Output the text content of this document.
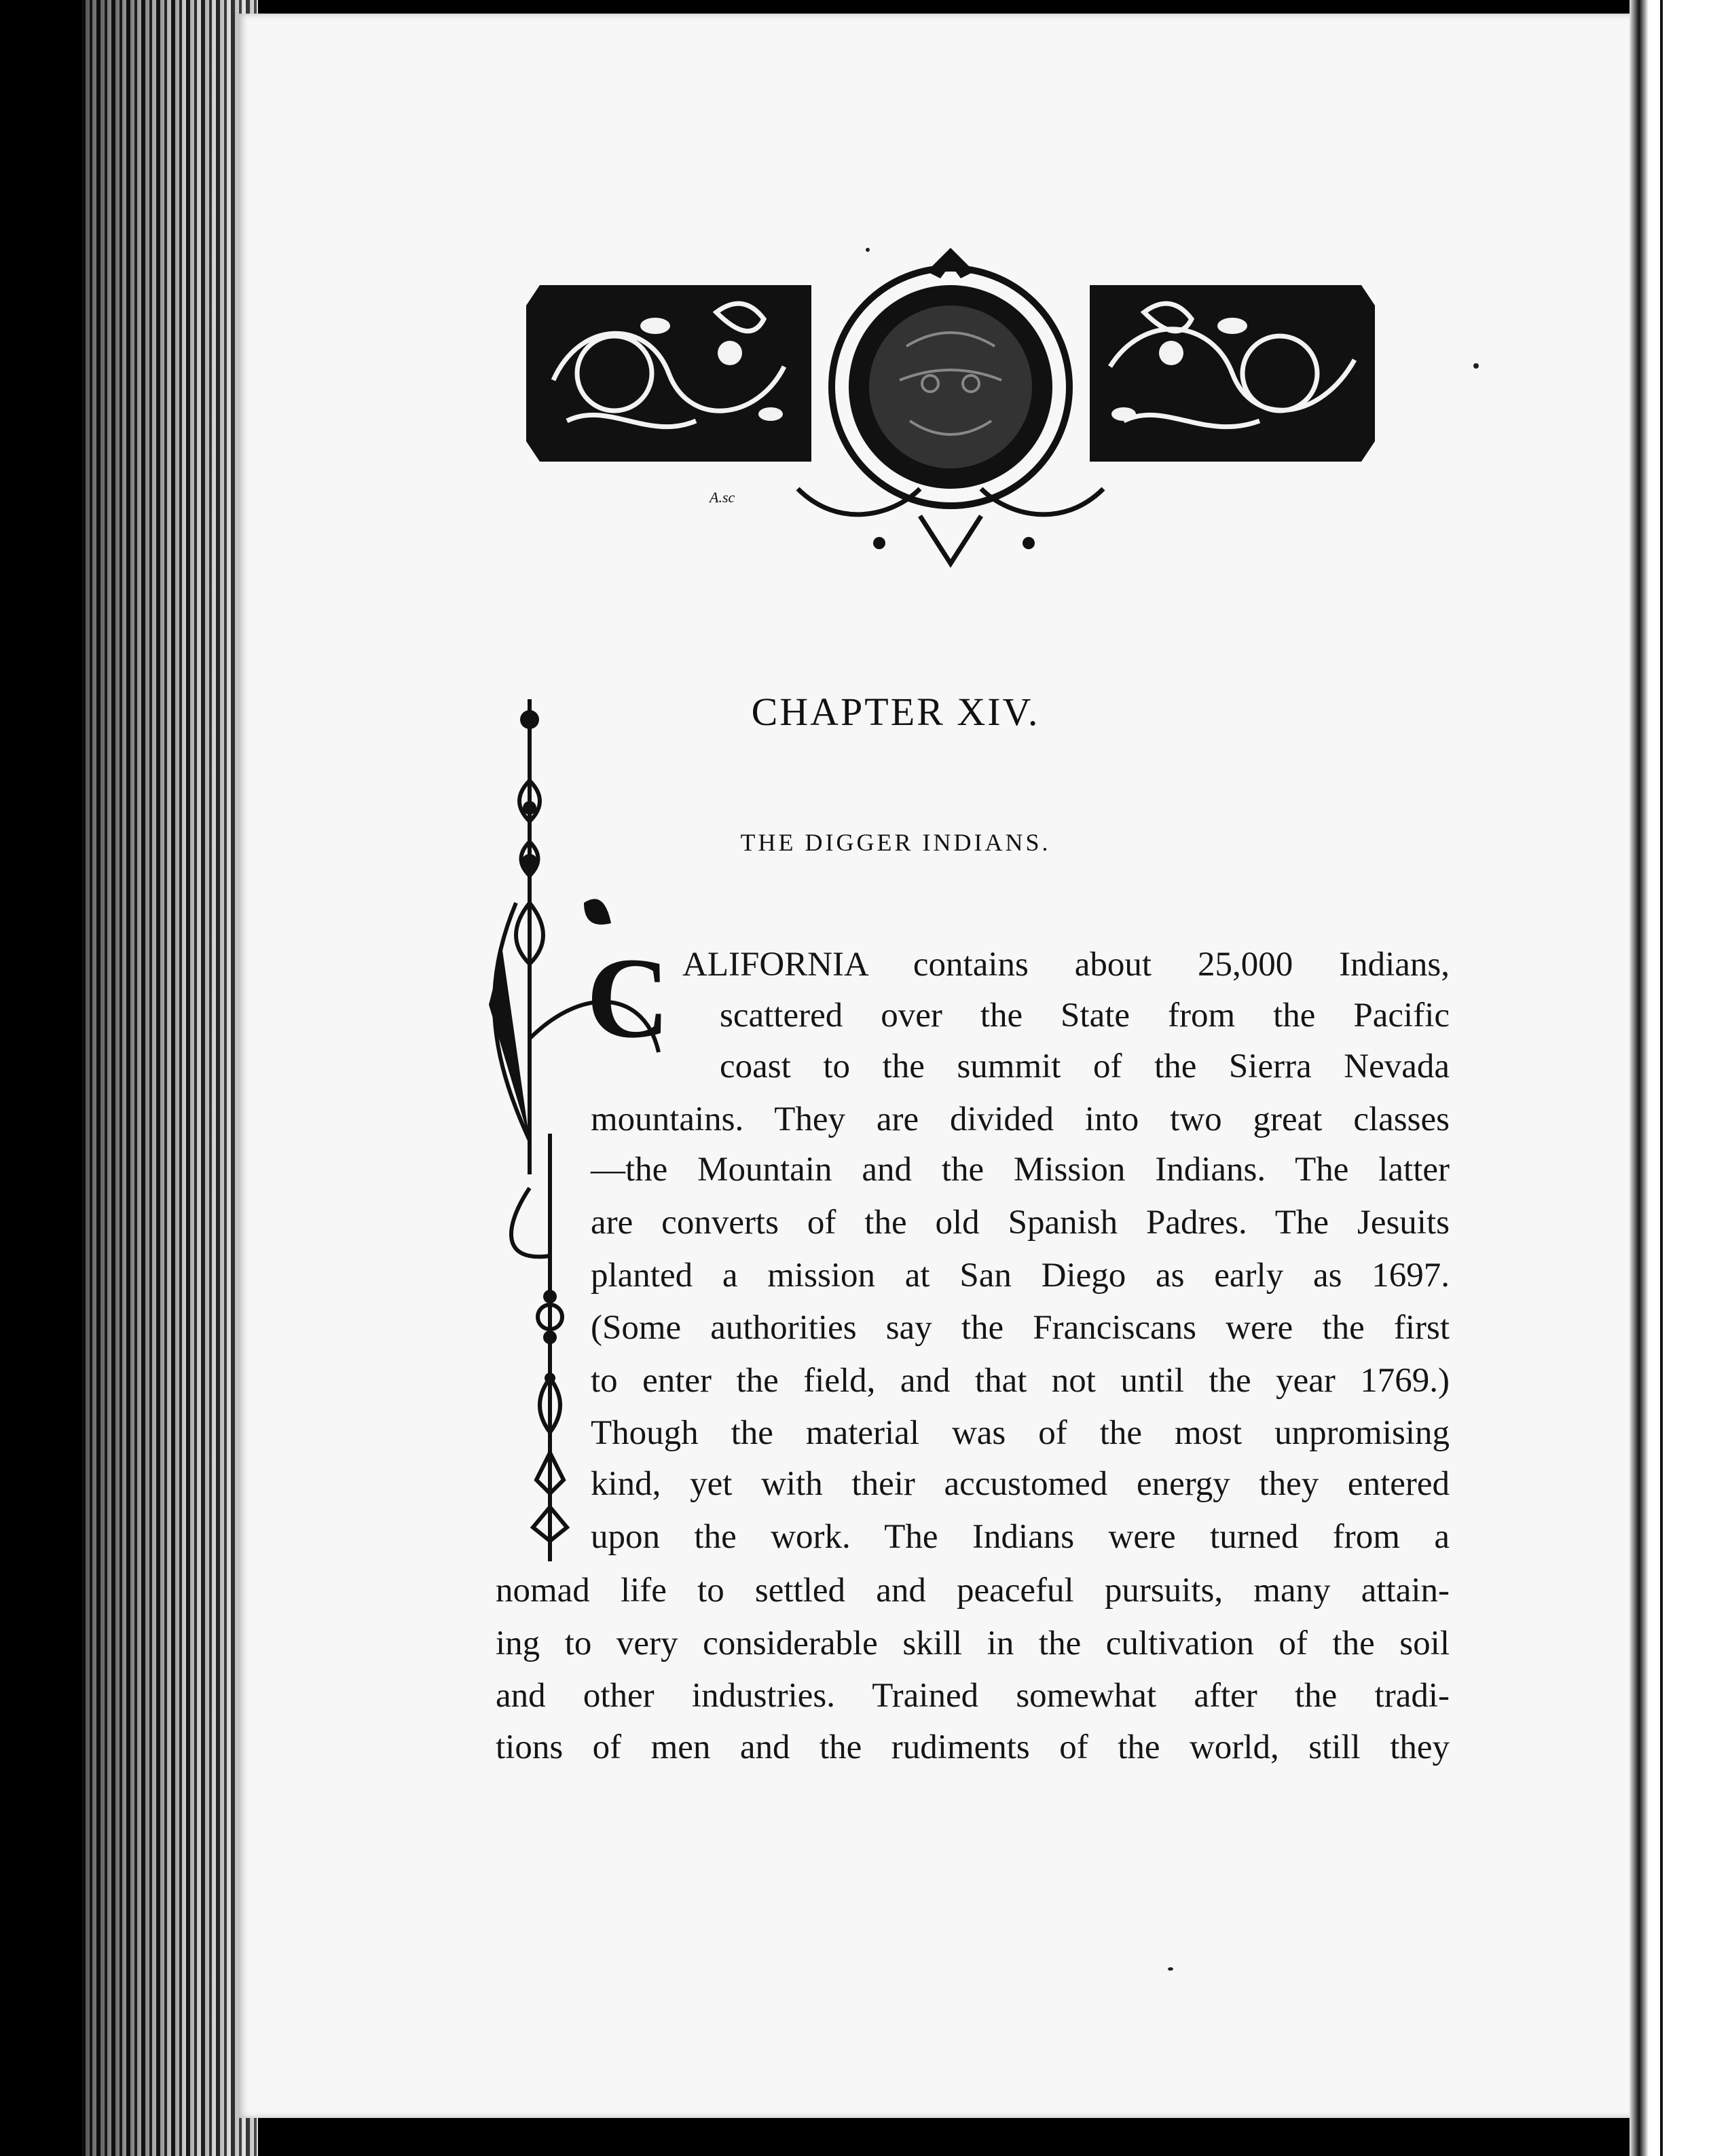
A.sc
CHAPTER XIV.
THE DIGGER INDIANS.
C ALIFORNIA contains about 25,000 Indians,
scattered over the State from the Pacific
coast to the summit of the Sierra Nevada
mountains. They are divided into two great classes
—the Mountain and the Mission Indians. The latter
are converts of the old Spanish Padres. The Jesuits
planted a mission at San Diego as early as 1697.
(Some authorities say the Franciscans were the first
to enter the field, and that not until the year 1769.)
Though the material was of the most unpromising
kind, yet with their accustomed energy they entered
upon the work. The Indians were turned from a
nomad life to settled and peaceful pursuits, many attain-
ing to very considerable skill in the cultivation of the soil
and other industries. Trained somewhat after the tradi-
tions of men and the rudiments of the world, still they
